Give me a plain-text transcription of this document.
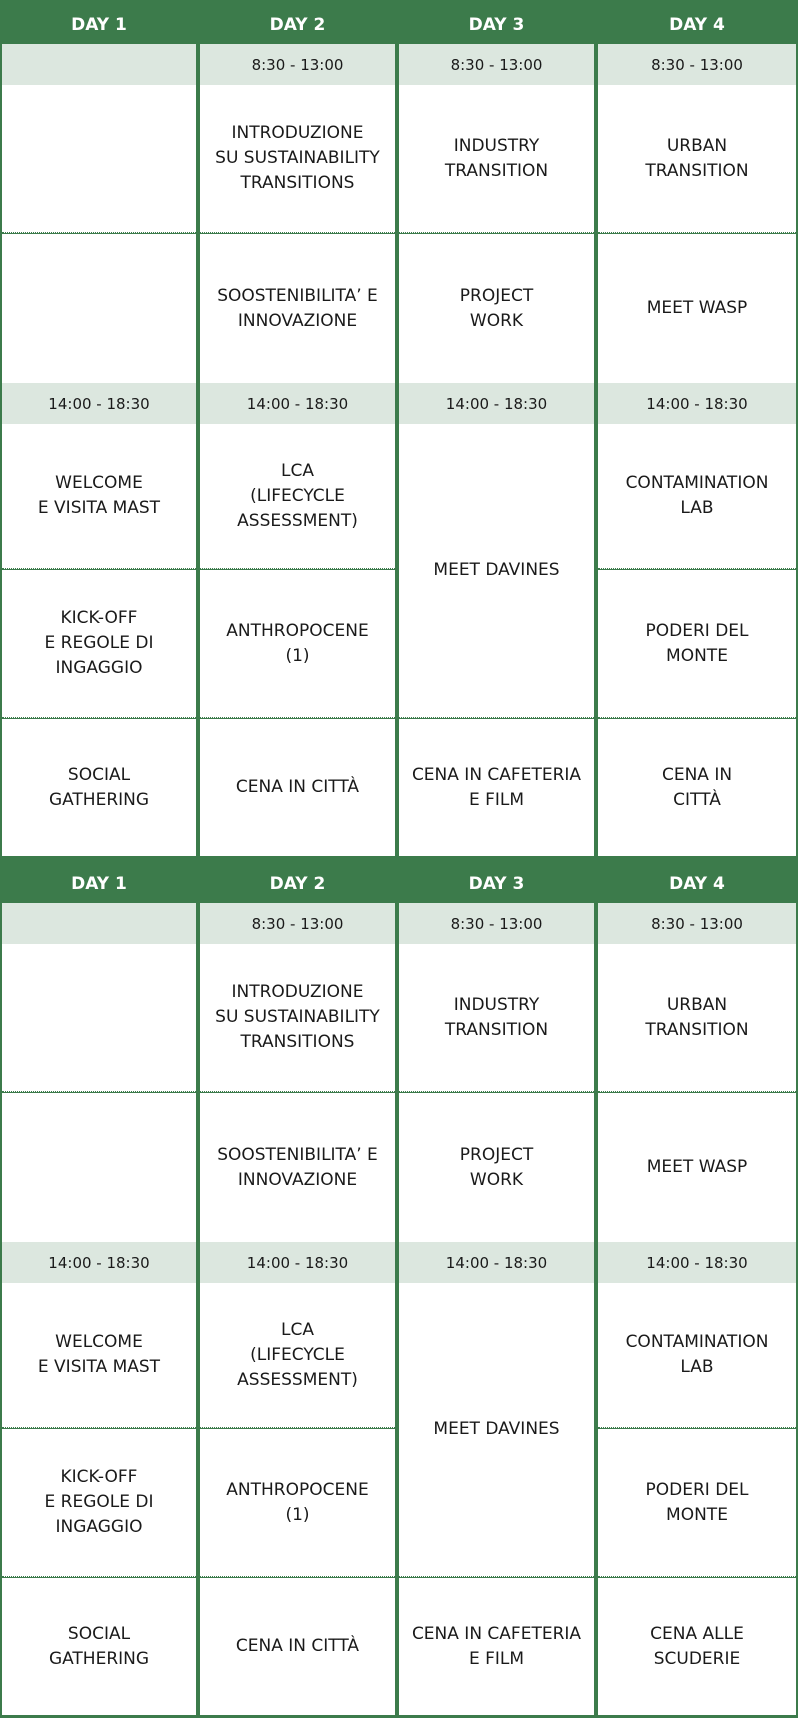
DAY 1
14:00 - 18:30
WELCOME
E VISITA MAST
KICK-OFF
E REGOLE DI
INGAGGIO
SOCIAL
GATHERING
DAY 2
8:30 - 13:00
INTRODUZIONE
SU SUSTAINABILITY
TRANSITIONS
SOOSTENIBILITA’ E
INNOVAZIONE
14:00 - 18:30
LCA
(LIFECYCLE
ASSESSMENT)
ANTHROPOCENE
(1)
CENA IN CITTÀ
DAY 3
8:30 - 13:00
INDUSTRY
TRANSITION
PROJECT
WORK
14:00 - 18:30
MEET DAVINES
CENA IN CAFETERIA
E FILM
DAY 4
8:30 - 13:00
URBAN
TRANSITION
MEET WASP
14:00 - 18:30
CONTAMINATION
LAB
PODERI DEL
MONTE
CENA IN
CITTÀ
DAY 1
14:00 - 18:30
WELCOME
E VISITA MAST
KICK-OFF
E REGOLE DI
INGAGGIO
SOCIAL
GATHERING
DAY 2
8:30 - 13:00
INTRODUZIONE
SU SUSTAINABILITY
TRANSITIONS
SOOSTENIBILITA’ E
INNOVAZIONE
14:00 - 18:30
LCA
(LIFECYCLE
ASSESSMENT)
ANTHROPOCENE
(1)
CENA IN CITTÀ
DAY 3
8:30 - 13:00
INDUSTRY
TRANSITION
PROJECT
WORK
14:00 - 18:30
MEET DAVINES
CENA IN CAFETERIA
E FILM
DAY 4
8:30 - 13:00
URBAN
TRANSITION
MEET WASP
14:00 - 18:30
CONTAMINATION
LAB
PODERI DEL
MONTE
CENA ALLE
SCUDERIE
